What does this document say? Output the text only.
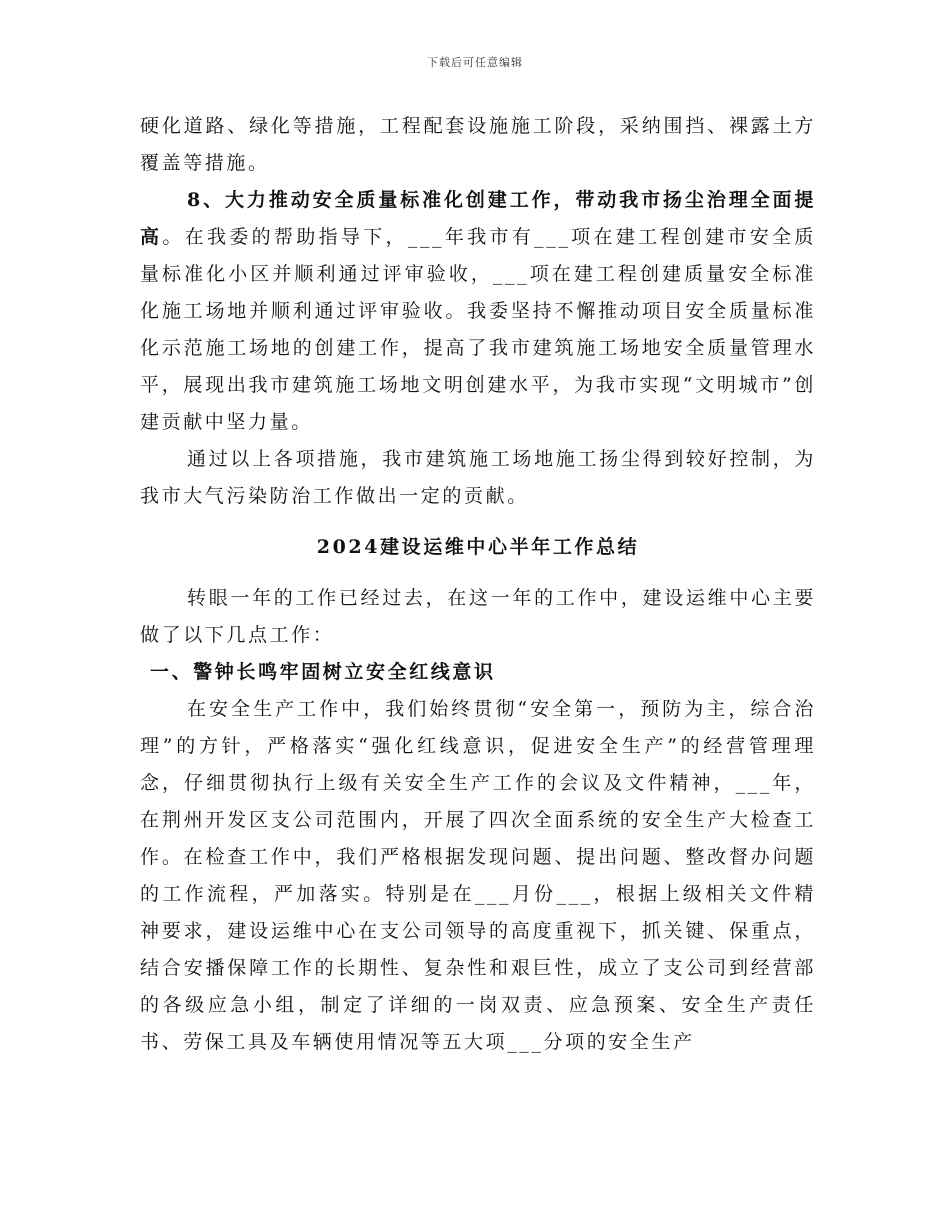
下载后可任意编辑

硬化道路、绿化等措施，工程配套设施施工阶段，采纳围挡、裸露土方覆盖等措施。

8、大力推动安全质量标准化创建工作，带动我市扬尘治理全面提高。在我委的帮助指导下，___年我市有___项在建工程创建市安全质量标准化小区并顺利通过评审验收，___项在建工程创建质量安全标准化施工场地并顺利通过评审验收。我委坚持不懈推动项目安全质量标准化示范施工场地的创建工作，提高了我市建筑施工场地安全质量管理水平，展现出我市建筑施工场地文明创建水平，为我市实现“文明城市”创建贡献中坚力量。

通过以上各项措施，我市建筑施工场地施工扬尘得到较好控制，为我市大气污染防治工作做出一定的贡献。

2024建设运维中心半年工作总结

转眼一年的工作已经过去，在这一年的工作中，建设运维中心主要做了以下几点工作：

一、警钟长鸣牢固树立安全红线意识

在安全生产工作中，我们始终贯彻“安全第一，预防为主，综合治理”的方针，严格落实“强化红线意识，促进安全生产”的经营管理理念，仔细贯彻执行上级有关安全生产工作的会议及文件精神，___年，在荆州开发区支公司范围内，开展了四次全面系统的安全生产大检查工作。在检查工作中，我们严格根据发现问题、提出问题、整改督办问题的工作流程，严加落实。特别是在___月份___，根据上级相关文件精神要求，建设运维中心在支公司领导的高度重视下，抓关键、保重点，结合安播保障工作的长期性、复杂性和艰巨性，成立了支公司到经营部的各级应急小组，制定了详细的一岗双责、应急预案、安全生产责任书、劳保工具及车辆使用情况等五大项___分项的安全生产
